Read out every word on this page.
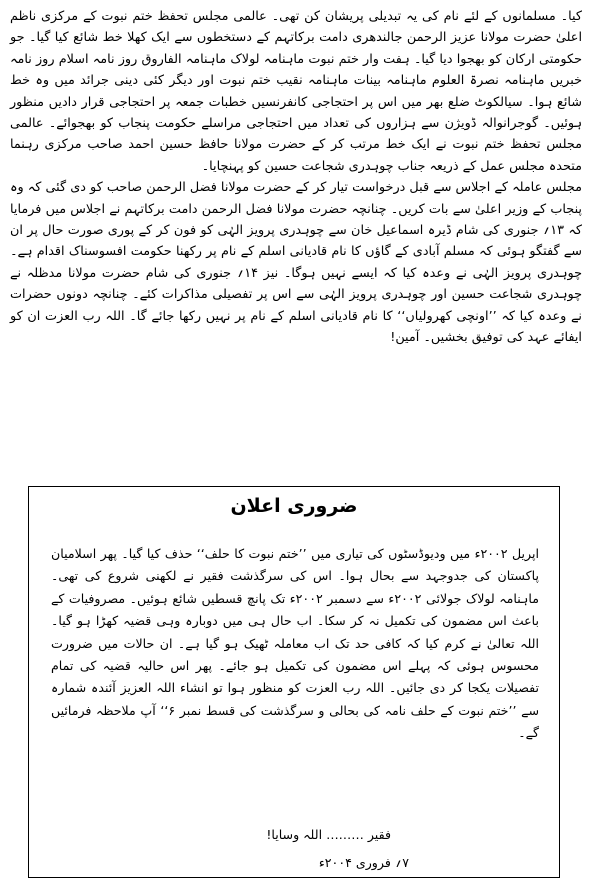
کیا۔ مسلمانوں کے لئے نام کی یہ تبدیلی پریشان کن تھی۔ عالمی مجلس تحفظ ختم نبوت کے مرکزی ناظم اعلیٰ حضرت مولانا عزیز الرحمن جالندھری دامت برکاتہم کے دستخطوں سے ایک کھلا خط شائع کیا گیا۔ جو حکومتی ارکان کو بھجوا دیا گیا۔ ہفت وار ختم نبوت ماہنامہ لولاک ماہنامہ الفاروق روز نامہ اسلام روز نامہ خبریں ماہنامہ نصرۃ العلوم ماہنامہ بینات ماہنامہ نقیب ختم نبوت اور دیگر کئی دینی جرائد میں وہ خط شائع ہوا۔ سیالکوٹ ضلع بھر میں اس پر احتجاجی کانفرنسیں خطبات جمعہ پر احتجاجی قرار دادیں منظور ہوئیں۔ گوجرانوالہ ڈویژن سے ہزاروں کی تعداد میں احتجاجی مراسلے حکومت پنجاب کو بھجوائے۔ عالمی مجلس تحفظ ختم نبوت نے ایک خط مرتب کر کے حضرت مولانا حافظ حسین احمد صاحب مرکزی رہنما متحدہ مجلس عمل کے ذریعہ جناب چوہدری شجاعت حسین کو پہنچایا۔

مجلس عاملہ کے اجلاس سے قبل درخواست تیار کر کے حضرت مولانا فضل الرحمن صاحب کو دی گئی کہ وہ پنجاب کے وزیر اعلیٰ سے بات کریں۔ چنانچہ حضرت مولانا فضل الرحمن دامت برکاتہم نے اجلاس میں فرمایا کہ ۱۳؍ جنوری کی شام ڈیرہ اسماعیل خان سے چوہدری پرویز الہٰی کو فون کر کے پوری صورت حال پر ان سے گفتگو ہوئی کہ مسلم آبادی کے گاؤں کا نام قادیانی اسلم کے نام پر رکھنا حکومت افسوسناک اقدام ہے۔ چوہدری پرویز الہٰی نے وعدہ کیا کہ ایسے نہیں ہوگا۔ نیز ۱۴؍ جنوری کی شام حضرت مولانا مدظلہ نے چوہدری شجاعت حسین اور چوہدری پرویز الہٰی سے اس پر تفصیلی مذاکرات کئے۔ چنانچہ دونوں حضرات نے وعدہ کیا کہ ’’اونچی کھرولیاں‘‘ کا نام قادیانی اسلم کے نام پر نہیں رکھا جائے گا۔ اللہ رب العزت ان کو ایفائے عہد کی توفیق بخشیں۔ آمین!

ضروری اعلان

اپریل ۲۰۰۲ء میں ودیوڈسٹوں کی تیاری میں ’’ختم نبوت کا حلف‘‘ حذف کیا گیا۔ پھر اسلامیان پاکستان کی جدوجہد سے بحال ہوا۔ اس کی سرگذشت فقیر نے لکھنی شروع کی تھی۔ ماہنامہ لولاک جولائی ۲۰۰۲ء سے دسمبر ۲۰۰۲ء تک پانچ قسطیں شائع ہوئیں۔ مصروفیات کے باعث اس مضمون کی تکمیل نہ کر سکا۔ اب حال ہی میں دوبارہ وہی قضیہ کھڑا ہو گیا۔ اللہ تعالیٰ نے کرم کیا کہ کافی حد تک اب معاملہ ٹھیک ہو گیا ہے۔ ان حالات میں ضرورت محسوس ہوئی کہ پہلے اس مضمون کی تکمیل ہو جائے۔ پھر اس حالیہ قضیہ کی تمام تفصیلات یکجا کر دی جائیں۔ اللہ رب العزت کو منظور ہوا تو انشاء اللہ العزیز آئندہ شمارہ سے ’’ختم نبوت کے حلف نامہ کی بحالی و سرگذشت کی قسط نمبر ۶‘‘ آپ ملاحظہ فرمائیں گے۔

فقیر ……… اللہ وسایا!
۷؍ فروری ۲۰۰۴ء
